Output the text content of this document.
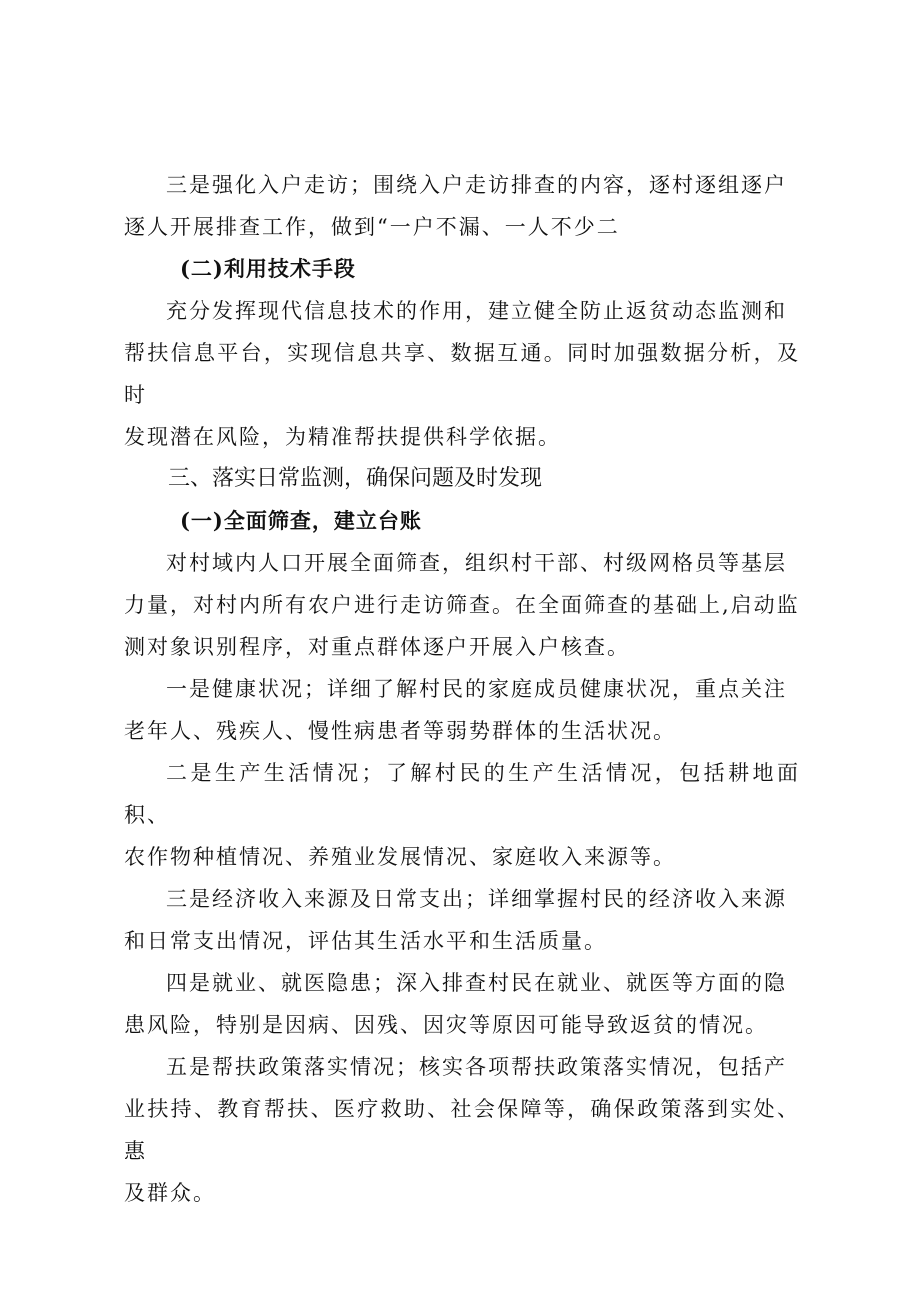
三是强化入户走访；围绕入户走访排查的内容，逐村逐组逐户
逐人开展排查工作，做到“一户不漏、一人不少二

(二)利用技术手段

充分发挥现代信息技术的作用，建立健全防止返贫动态监测和
帮扶信息平台，实现信息共享、数据互通。同时加强数据分析，及时
发现潜在风险，为精准帮扶提供科学依据。

三、落实日常监测，确保问题及时发现

(一)全面筛查，建立台账

对村域内人口开展全面筛查，组织村干部、村级网格员等基层
力量，对村内所有农户进行走访筛查。在全面筛查的基础上,启动监
测对象识别程序，对重点群体逐户开展入户核查。

一是健康状况；详细了解村民的家庭成员健康状况，重点关注
老年人、残疾人、慢性病患者等弱势群体的生活状况。

二是生产生活情况；了解村民的生产生活情况，包括耕地面积、
农作物种植情况、养殖业发展情况、家庭收入来源等。

三是经济收入来源及日常支出；详细掌握村民的经济收入来源
和日常支出情况，评估其生活水平和生活质量。

四是就业、就医隐患；深入排查村民在就业、就医等方面的隐
患风险，特别是因病、因残、因灾等原因可能导致返贫的情况。

五是帮扶政策落实情况；核实各项帮扶政策落实情况，包括产
业扶持、教育帮扶、医疗救助、社会保障等，确保政策落到实处、惠
及群众。
